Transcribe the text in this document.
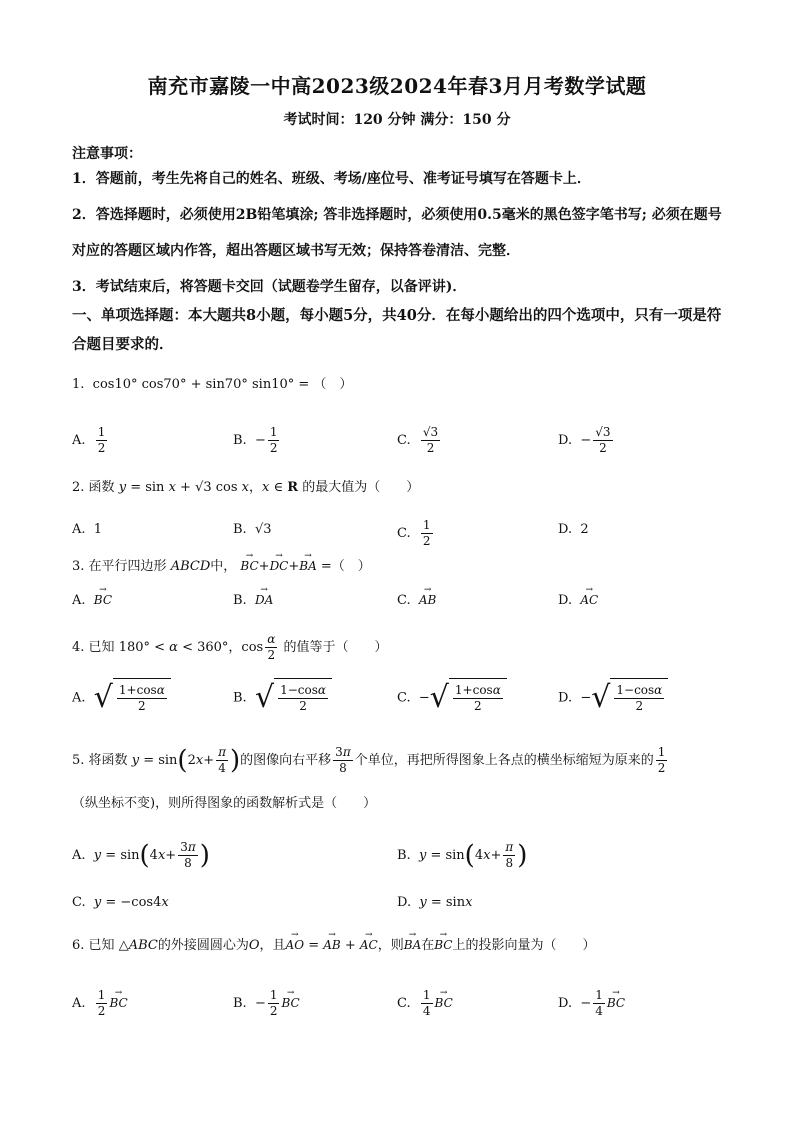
南充市嘉陵一中高2023级2024年春3月月考数学试题
考试时间：120 分钟 满分：150 分
注意事项：
1．答题前，考生先将自己的姓名、班级、考场/座位号、准考证号填写在答题卡上．
2．答选择题时，必须使用2B铅笔填涂; 答非选择题时，必须使用0.5毫米的黑色签字笔书写; 必须在题号对应的答题区域内作答，超出答题区域书写无效；保持答卷清洁、完整．
3．考试结束后，将答题卡交回（试题卷学生留存，以备评讲)．
一、单项选择题：本大题共8小题，每小题5分，共40分．在每小题给出的四个选项中，只有一项是符合题目要求的．
1.  cos10° cos70° + sin70° sin10° = （　）
A. $\frac{1}{2}$	B.  − $\frac{1}{2}$	C. $\frac{√3}{2}$	D.  − $\frac{√3}{2}$
2. 函数 y = sin x + √3 cos x，x ∈ R 的最大值为（　　）
A.  1	B.  √3	C. $\frac{1}{2}$	D.  2
3. 在平行四边形 ABCD中， → BC+→ DC+→ BA =（　）
A.  → BC	B.  → DA	C.  → AB	D.  → AC
4. 已知 180° < α < 360°，$\cos \frac{\alpha}{2}$ 的值等于（　　）
A. √ $\frac{1+\cos\alpha}{2}$	B. √ $\frac{1-\cos\alpha}{2}$	C.  − √ $\frac{1+\cos\alpha}{2}$	D.  − √ $\frac{1-\cos\alpha}{2}$
5. 将函数 $y = \sin(2x+ \frac{\pi}{4}$ )的图像向右平移 $\frac{3\pi}{8}$ 个单位，再把所得图象上各点的横坐标缩短为原来的 $\frac{1}{2}$
（纵坐标不变)，则所得图象的函数解析式是（　　）
A.  $y = \sin(4x+ \frac{3\pi}{8}$ )	B.  $y = \sin(4x+ \frac{\pi}{8}$ )
C.  y = −cos4x	D.  y = sinx
6. 已知 △ABC的外接圆圆心为O，且→ AO = → AB + → AC，则→ BA在→ BC上的投影向量为（　　）
A. $\frac{1}{2}$ → BC	B.  − $\frac{1}{2}$ → BC	C. $\frac{1}{4}$ → BC	D.  − $\frac{1}{4}$ → BC
